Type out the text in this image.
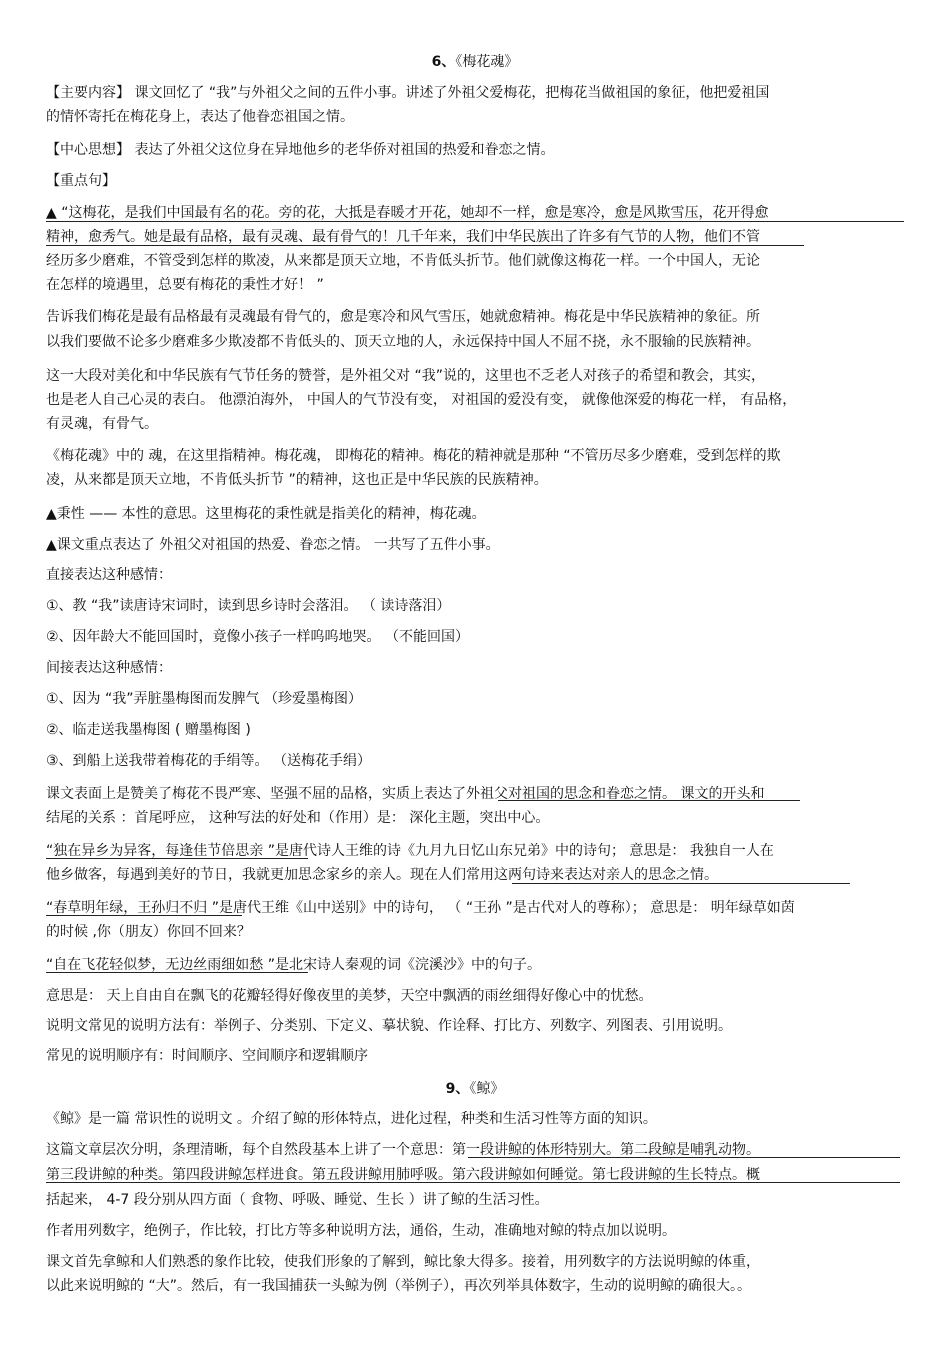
6、《梅花魂》
【主要内容】 课文回忆了 “我”与外祖父之间的五件小事。讲述了外祖父爱梅花，把梅花当做祖国的象征，他把爱祖国
的情怀寄托在梅花身上，表达了他眷恋祖国之情。
【中心思想】 表达了外祖父这位身在异地他乡的老华侨对祖国的热爱和眷恋之情。
【重点句】
▲ “这梅花，是我们中国最有名的花。旁的花，大抵是春暖才开花，她却不一样，愈是寒冷，愈是风欺雪压，花开得愈
精神，愈秀气。她是最有品格，最有灵魂、最有骨气的！几千年来，我们中华民族出了许多有气节的人物，他们不管
经历多少磨难，不管受到怎样的欺凌，从来都是顶天立地，不肯低头折节。他们就像这梅花一样。一个中国人，无论
在怎样的境遇里，总要有梅花的秉性才好！ ”
告诉我们梅花是最有品格最有灵魂最有骨气的，愈是寒冷和风气雪压，她就愈精神。梅花是中华民族精神的象征。所
以我们要做不论多少磨难多少欺凌都不肯低头的、顶天立地的人，永远保持中国人不屈不挠，永不服输的民族精神。
这一大段对美化和中华民族有气节任务的赞誉，是外祖父对 “我”说的，这里也不乏老人对孩子的希望和教会，其实，
也是老人自己心灵的表白。 他漂泊海外， 中国人的气节没有变， 对祖国的爱没有变， 就像他深爱的梅花一样， 有品格，
有灵魂，有骨气。
《梅花魂》中的 魂，在这里指精神。梅花魂， 即梅花的精神。梅花的精神就是那种 “不管历尽多少磨难，受到怎样的欺
凌，从来都是顶天立地，不肯低头折节 ”的精神，这也正是中华民族的民族精神。
▲秉性 —— 本性的意思。这里梅花的秉性就是指美化的精神，梅花魂。
▲课文重点表达了 外祖父对祖国的热爱、眷恋之情。 一共写了五件小事。
直接表达这种感情：
①、教 “我”读唐诗宋词时，读到思乡诗时会落泪。 （ 读诗落泪）
②、因年龄大不能回国时，竟像小孩子一样呜呜地哭。 （不能回国）
间接表达这种感情：
①、因为 “我”弄脏墨梅图而发脾气 （珍爱墨梅图）
②、临走送我墨梅图 ( 赠墨梅图 )
③、到船上送我带着梅花的手绢等。 （送梅花手绢）
课文表面上是赞美了梅花不畏严寒、坚强不屈的品格，实质上表达了外祖父对祖国的思念和眷恋之情。 课文的开头和
结尾的关系 ：首尾呼应， 这种写法的好处和（作用）是： 深化主题，突出中心。
“独在异乡为异客，每逢佳节倍思亲 ”是唐代诗人王维的诗《九月九日忆山东兄弟》中的诗句； 意思是： 我独自一人在
他乡做客，每遇到美好的节日，我就更加思念家乡的亲人。现在人们常用这两句诗来表达对亲人的思念之情。
“春草明年绿，王孙归不归 ”是唐代王维《山中送别》中的诗句， （ “王孙 ”是古代对人的尊称）； 意思是： 明年绿草如茵
的时候 ,你（朋友）你回不回来？
“自在飞花轻似梦，无边丝雨细如愁 ”是北宋诗人秦观的词《浣溪沙》中的句子。
意思是： 天上自由自在飘飞的花瓣轻得好像夜里的美梦，天空中飘洒的雨丝细得好像心中的忧愁。
说明文常见的说明方法有：举例子、分类别、下定义、摹状貌、作诠释、打比方、列数字、列图表、引用说明。
常见的说明顺序有：时间顺序、空间顺序和逻辑顺序
9、《鲸》
《鲸》是一篇 常识性的说明文 。介绍了鲸的形体特点，进化过程，种类和生活习性等方面的知识。
这篇文章层次分明，条理清晰，每个自然段基本上讲了一个意思：第一段讲鲸的体形特别大。第二段鲸是哺乳动物。
第三段讲鲸的种类。第四段讲鲸怎样进食。第五段讲鲸用肺呼吸。第六段讲鲸如何睡觉。第七段讲鲸的生长特点。概
括起来， 4-7 段分别从四方面（ 食物、呼吸、睡觉、生长 ）讲了鲸的生活习性。
作者用列数字，绝例子，作比较，打比方等多种说明方法，通俗，生动，准确地对鲸的特点加以说明。
课文首先拿鲸和人们熟悉的象作比较，使我们形象的了解到，鲸比象大得多。接着，用列数字的方法说明鲸的体重，
以此来说明鲸的 “大”。然后，有一我国捕获一头鲸为例（举例子），再次列举具体数字，生动的说明鲸的确很大。。
